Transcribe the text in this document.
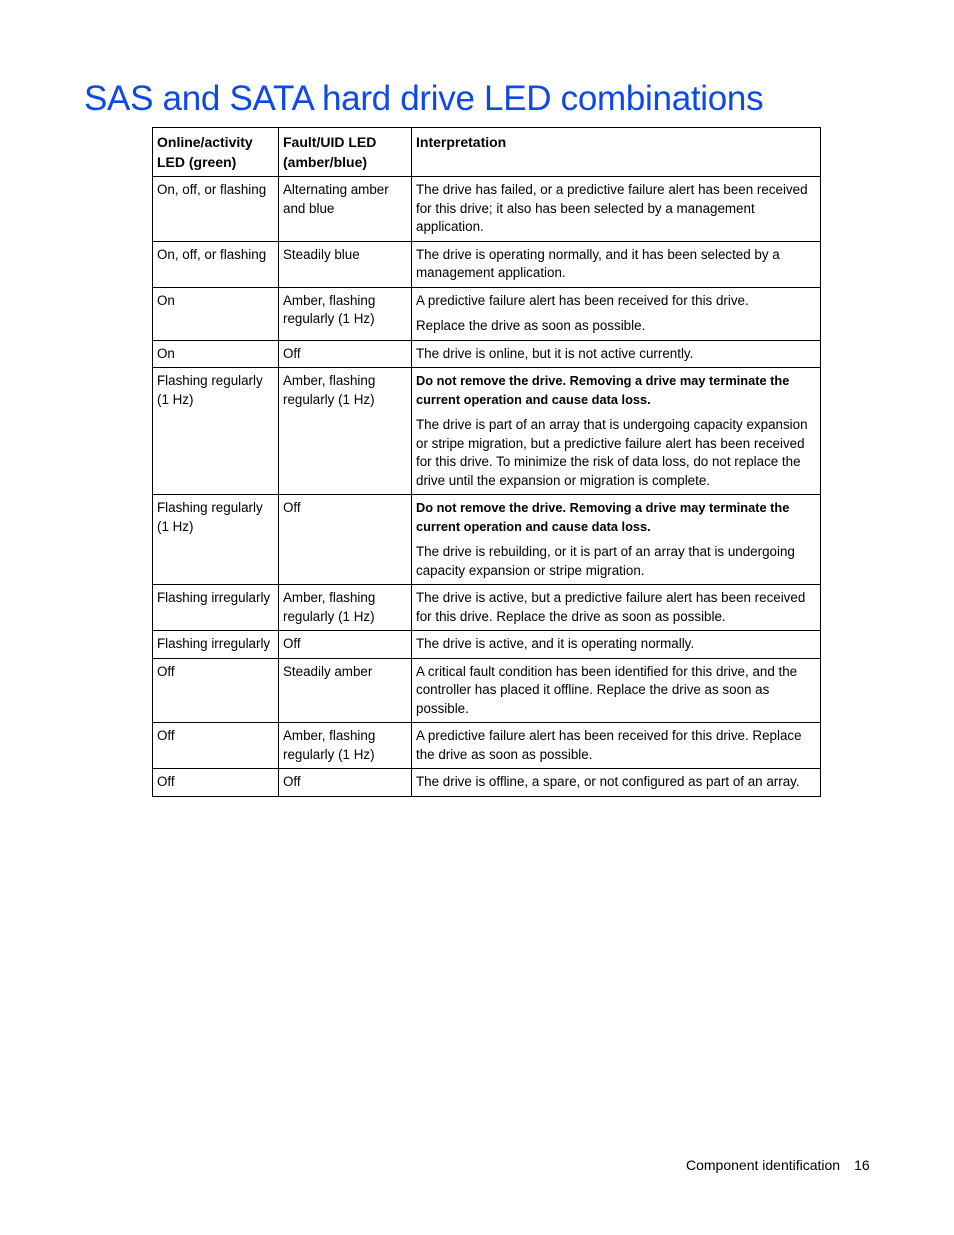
SAS and SATA hard drive LED combinations
Online/activity LED (green)	Fault/UID LED (amber/blue)	Interpretation
On, off, or flashing	Alternating amber and blue	The drive has failed, or a predictive failure alert has been received for this drive; it also has been selected by a management application.

On, off, or flashing	Steadily blue	The drive is operating normally, and it has been selected by a management application.

On	Amber, flashing regularly (1 Hz)	A predictive failure alert has been received for this drive.

Replace the drive as soon as possible.

On	Off	The drive is online, but it is not active currently.

Flashing regularly (1 Hz)	Amber, flashing regularly (1 Hz)	Do not remove the drive. Removing a drive may terminate the current operation and cause data loss.

The drive is part of an array that is undergoing capacity expansion or stripe migration, but a predictive failure alert has been received for this drive. To minimize the risk of data loss, do not replace the drive until the expansion or migration is complete.

Flashing regularly (1 Hz)	Off	Do not remove the drive. Removing a drive may terminate the current operation and cause data loss.

The drive is rebuilding, or it is part of an array that is undergoing capacity expansion or stripe migration.

Flashing irregularly	Amber, flashing regularly (1 Hz)	The drive is active, but a predictive failure alert has been received for this drive. Replace the drive as soon as possible.

Flashing irregularly	Off	The drive is active, and it is operating normally.

Off	Steadily amber	A critical fault condition has been identified for this drive, and the controller has placed it offline. Replace the drive as soon as possible.

Off	Amber, flashing regularly (1 Hz)	A predictive failure alert has been received for this drive. Replace the drive as soon as possible.

Off	Off	The drive is offline, a spare, or not configured as part of an array.

Component identification 16
